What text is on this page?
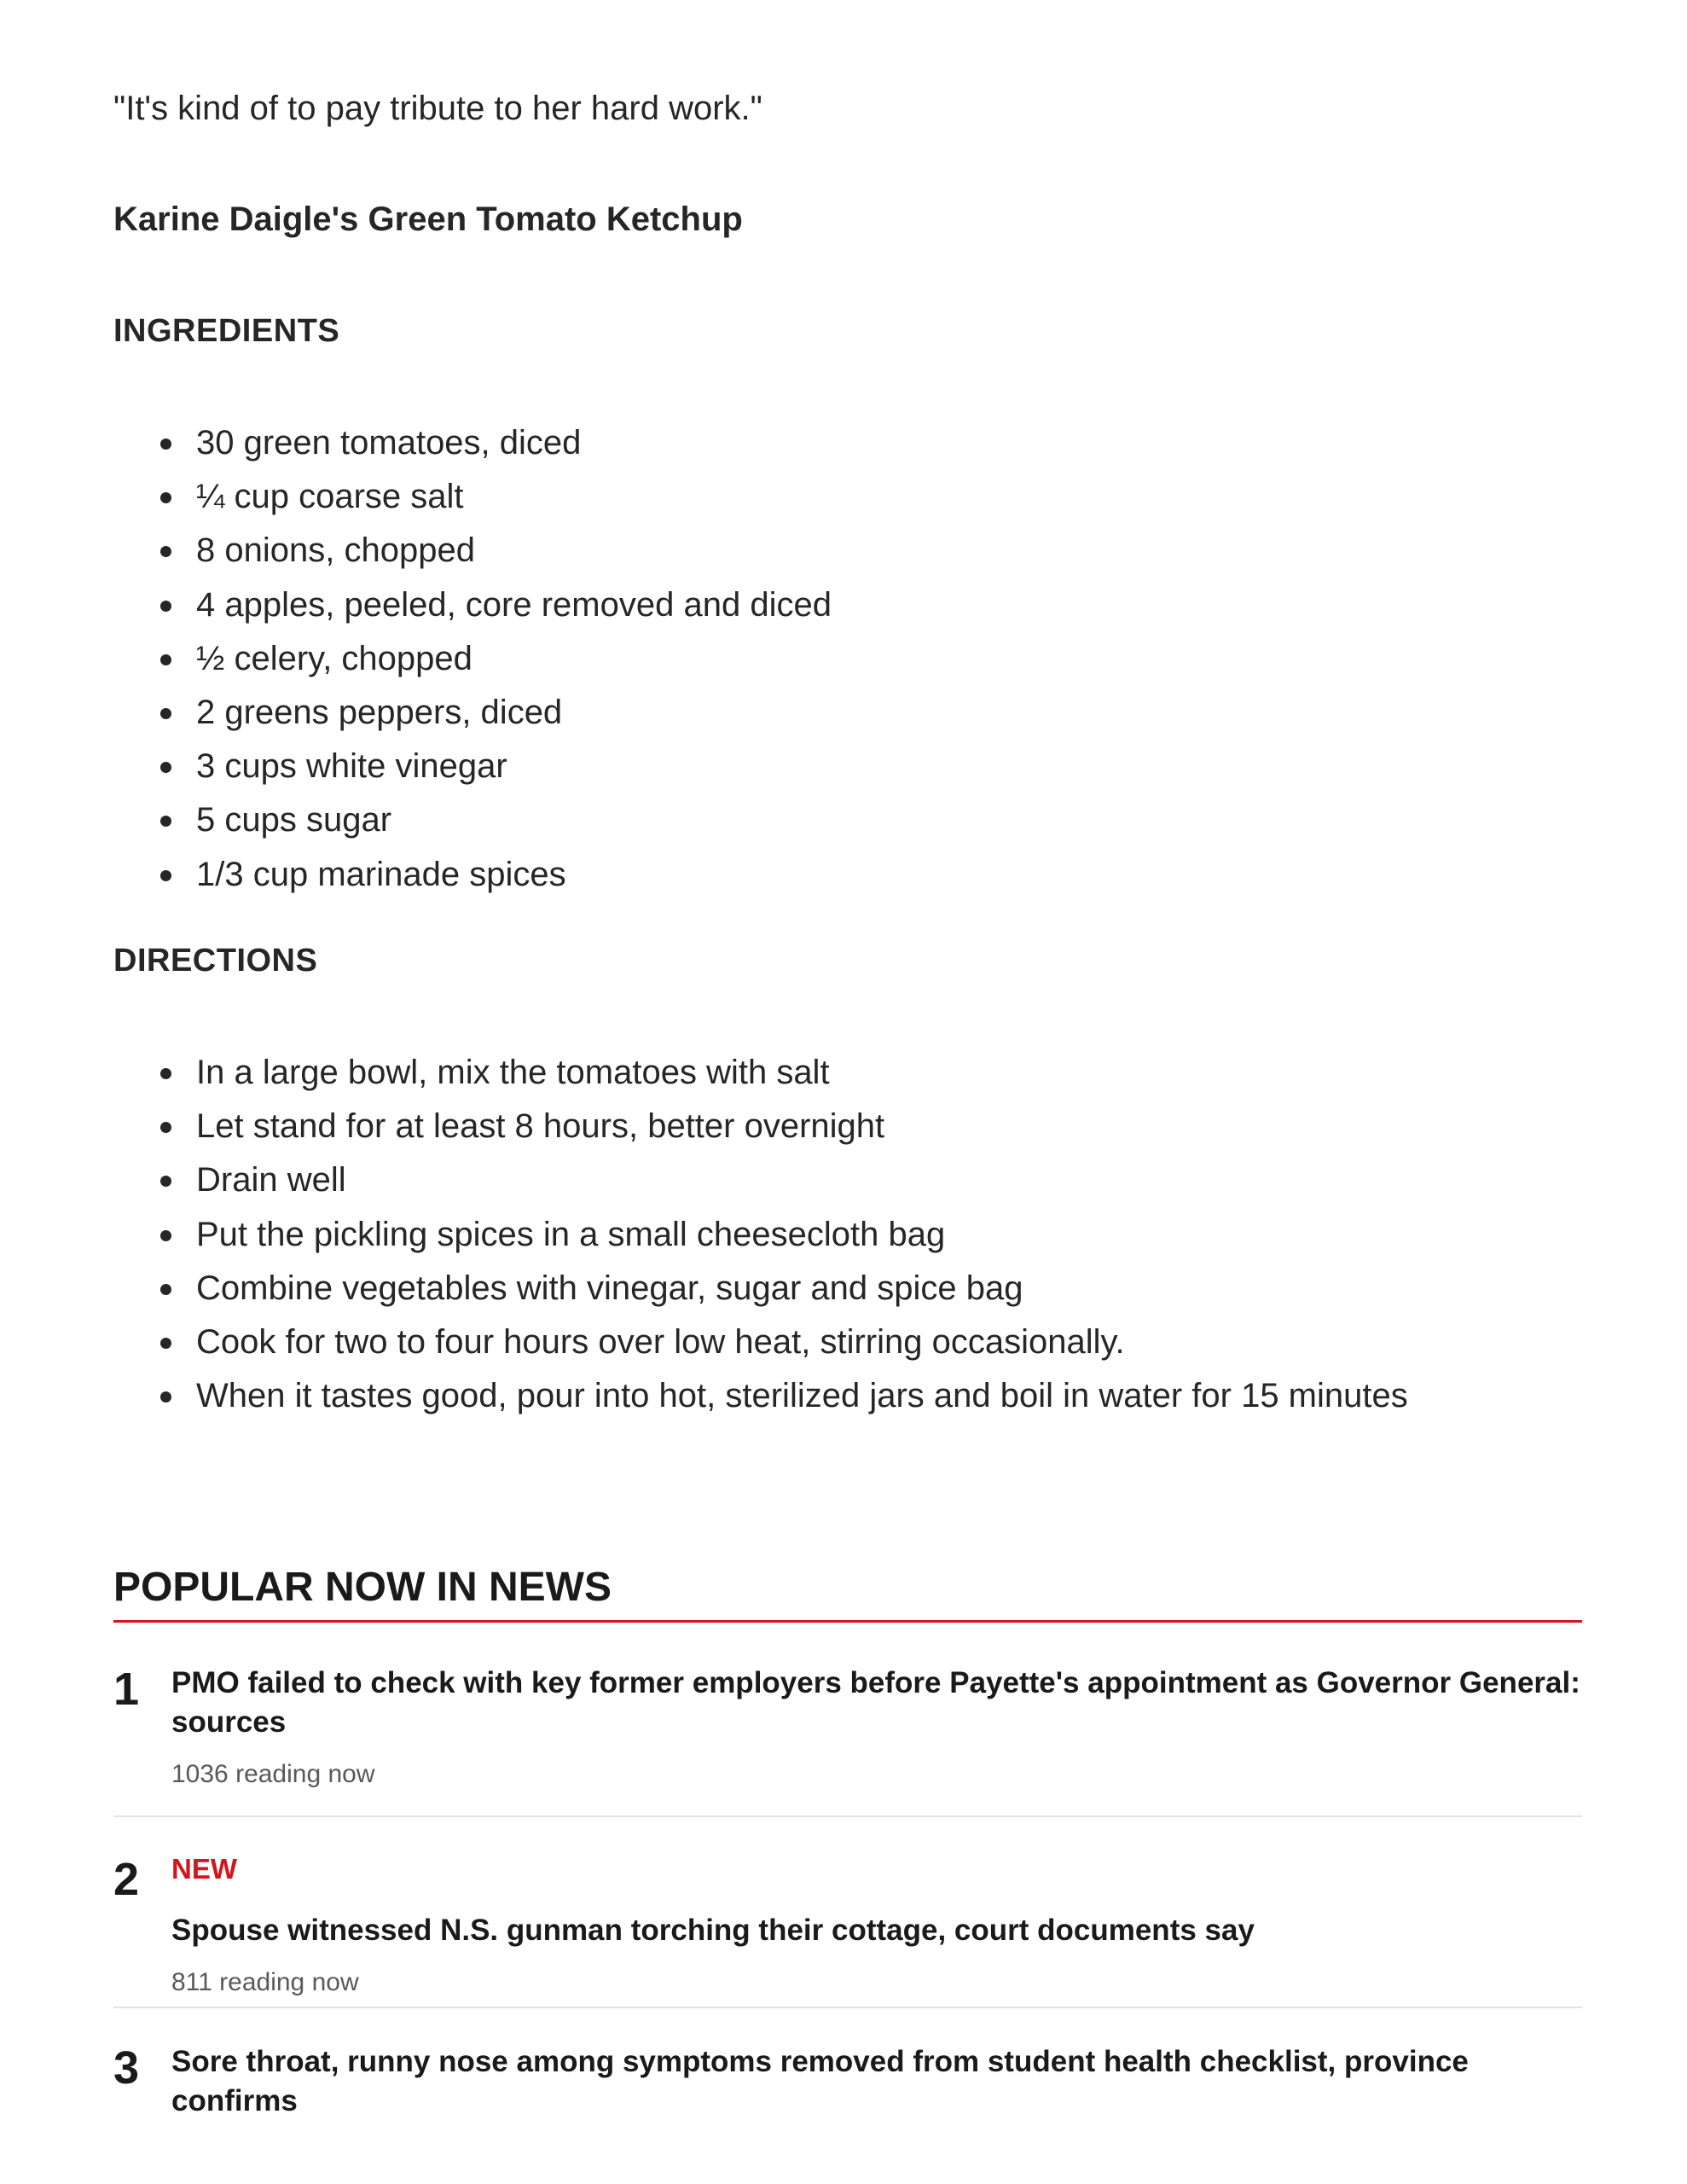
"It's kind of to pay tribute to her hard work."

Karine Daigle's Green Tomato Ketchup
INGREDIENTS
30 green tomatoes, diced
¼ cup coarse salt
8 onions, chopped
4 apples, peeled, core removed and diced
½ celery, chopped
2 greens peppers, diced
3 cups white vinegar
5 cups sugar
1/3 cup marinade spices
DIRECTIONS
In a large bowl, mix the tomatoes with salt
Let stand for at least 8 hours, better overnight
Drain well
Put the pickling spices in a small cheesecloth bag
Combine vegetables with vinegar, sugar and spice bag
Cook for two to four hours over low heat, stirring occasionally.
When it tastes good, pour into hot, sterilized jars and boil in water for 15 minutes
POPULAR NOW IN NEWS
1 PMO failed to check with key former employers before Payette's appointment as Governor General: sources

1036 reading now
2 NEW

Spouse witnessed N.S. gunman torching their cottage, court documents say

811 reading now
3 Sore throat, runny nose among symptoms removed from student health checklist, province confirms
